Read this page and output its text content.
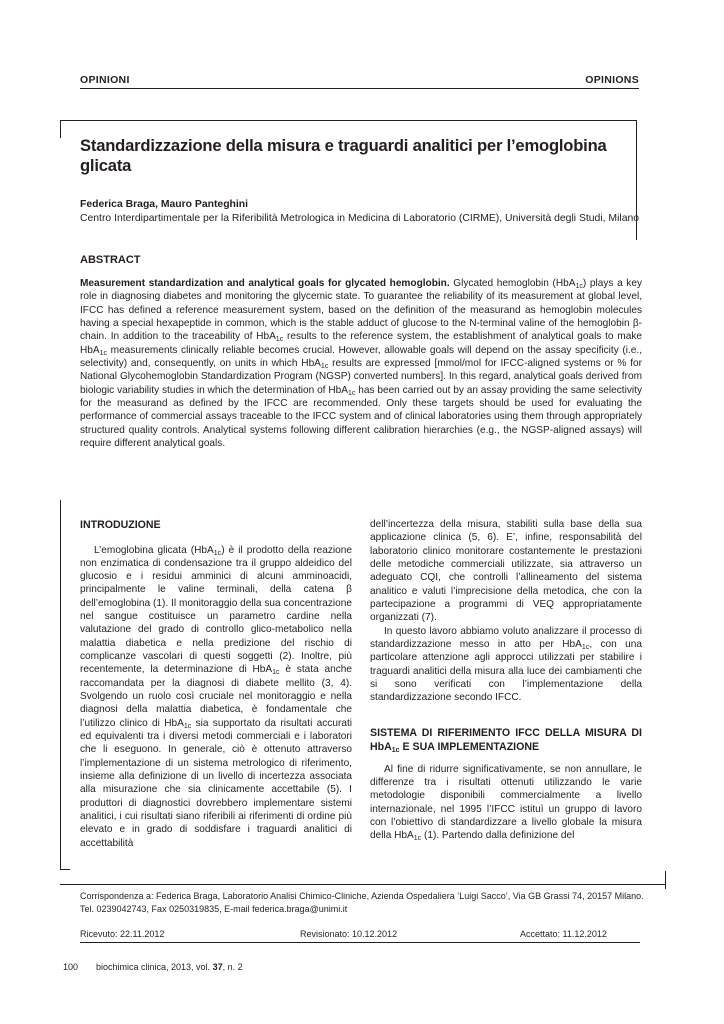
OPINIONI	OPINIONS
Standardizzazione della misura e traguardi analitici per l’emoglobina glicata
Federica Braga, Mauro Panteghini
Centro Interdipartimentale per la Riferibilità Metrologica in Medicina di Laboratorio (CIRME), Università degli Studi, Milano
ABSTRACT
Measurement standardization and analytical goals for glycated hemoglobin. Glycated hemoglobin (HbA$_{1c}$) plays a key role in diagnosing diabetes and monitoring the glycemic state. To guarantee the reliability of its measurement at global level, IFCC has defined a reference measurement system, based on the definition of the measurand as hemoglobin molecules having a special hexapeptide in common, which is the stable adduct of glucose to the N-terminal valine of the hemoglobin β-chain. In addition to the traceability of HbA$_{1c}$ results to the reference system, the establishment of analytical goals to make HbA$_{1c}$ measurements clinically reliable becomes crucial. However, allowable goals will depend on the assay specificity (i.e., selectivity) and, consequently, on units in which HbA$_{1c}$ results are expressed [mmol/mol for IFCC-aligned systems or % for National Glycohemoglobin Standardization Program (NGSP) converted numbers]. In this regard, analytical goals derived from biologic variability studies in which the determination of HbA$_{1c}$ has been carried out by an assay providing the same selectivity for the measurand as defined by the IFCC are recommended. Only these targets should be used for evaluating the performance of commercial assays traceable to the IFCC system and of clinical laboratories using them through appropriately structured quality controls. Analytical systems following different calibration hierarchies (e.g., the NGSP-aligned assays) will require different analytical goals.
INTRODUZIONE

L’emoglobina glicata (HbA$_{1c}$) è il prodotto della reazione non enzimatica di condensazione tra il gruppo aldeidico del glucosio e i residui amminici di alcuni amminoacidi, principalmente le valine terminali, della catena β dell’emoglobina (1). Il monitoraggio della sua concentrazione nel sangue costituisce un parametro cardine nella valutazione del grado di controllo glico-metabolico nella malattia diabetica e nella predizione del rischio di complicanze vascolari di questi soggetti (2). Inoltre, più recentemente, la determinazione di HbA$_{1c}$ è stata anche raccomandata per la diagnosi di diabete mellito (3, 4). Svolgendo un ruolo così cruciale nel monitoraggio e nella diagnosi della malattia diabetica, è fondamentale che l’utilizzo clinico di HbA$_{1c}$ sia supportato da risultati accurati ed equivalenti tra i diversi metodi commerciali e i laboratori che li eseguono. In generale, ciò è ottenuto attraverso l’implementazione di un sistema metrologico di riferimento, insieme alla definizione di un livello di incertezza associata alla misurazione che sia clinicamente accettabile (5). I produttori di diagnostici dovrebbero implementare sistemi analitici, i cui risultati siano riferibili ai riferimenti di ordine più elevato e in grado di soddisfare i traguardi analitici di accettabilità

dell’incertezza della misura, stabiliti sulla base della sua applicazione clinica (5, 6). E’, infine, responsabilità del laboratorio clinico monitorare costantemente le prestazioni delle metodiche commerciali utilizzate, sia attraverso un adeguato CQI, che controlli l’allineamento del sistema analitico e valuti l’imprecisione della metodica, che con la partecipazione a programmi di VEQ appropriatamente organizzati (7).

In questo lavoro abbiamo voluto analizzare il processo di standardizzazione messo in atto per HbA$_{1c}$, con una particolare attenzione agli approcci utilizzati per stabilire i traguardi analitici della misura alla luce dei cambiamenti che si sono verificati con l’implementazione della standardizzazione secondo IFCC.

SISTEMA DI RIFERIMENTO IFCC DELLA MISURA DI HbA$_{1c}$ E SUA IMPLEMENTAZIONE

Al fine di ridurre significativamente, se non annullare, le differenze tra i risultati ottenuti utilizzando le varie metodologie disponibili commercialmente a livello internazionale, nel 1995 l’IFCC istituì un gruppo di lavoro con l’obiettivo di standardizzare a livello globale la misura della HbA$_{1c}$ (1). Partendo dalla definizione del

Corrispondenza a: Federica Braga, Laboratorio Analisi Chimico-Cliniche, Azienda Ospedaliera ‘Luigi Sacco’, Via GB Grassi 74, 20157 Milano. Tel. 0239042743, Fax 0250319835, E-mail federica.braga@unimi.it
Ricevuto: 22.11.2012	Revisionato: 10.12.2012	Accettato: 11.12.2012
100 biochimica clinica, 2013, vol. 37, n. 2
